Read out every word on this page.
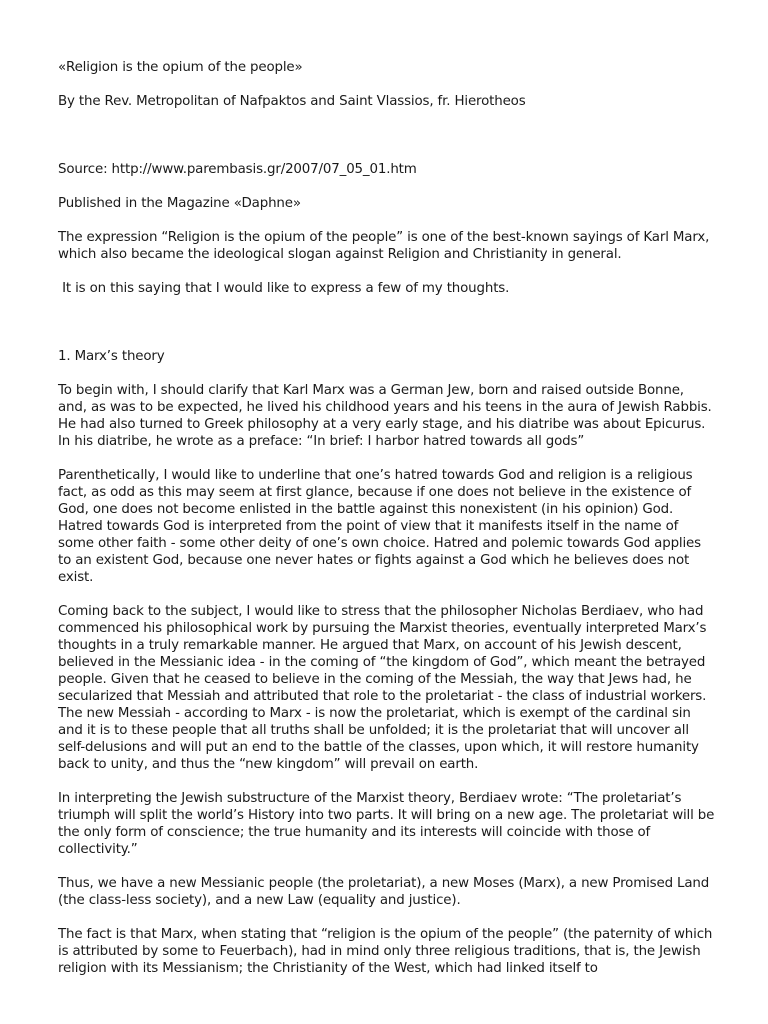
«Religion is the opium of the people»

By the Rev. Metropolitan of Nafpaktos and Saint Vlassios, fr. Hierotheos

Source: http://www.parembasis.gr/2007/07_05_01.htm

Published in the Magazine «Daphne»

The expression “Religion is the opium of the people” is one of the best-known sayings of Karl Marx, which also became the ideological slogan against Religion and Christianity in general.

It is on this saying that I would like to express a few of my thoughts.

1. Marx’s theory

To begin with, I should clarify that Karl Marx was a German Jew, born and raised outside Bonne, and, as was to be expected, he lived his childhood years and his teens in the aura of Jewish Rabbis. He had also turned to Greek philosophy at a very early stage, and his diatribe was about Epicurus. In his diatribe, he wrote as a preface: “In brief: I harbor hatred towards all gods”

Parenthetically, I would like to underline that one’s hatred towards God and religion is a religious fact, as odd as this may seem at first glance, because if one does not believe in the existence of God, one does not become enlisted in the battle against this nonexistent (in his opinion) God. Hatred towards God is interpreted from the point of view that it manifests itself in the name of some other faith - some other deity of one’s own choice. Hatred and polemic towards God applies to an existent God, because one never hates or fights against a God which he believes does not exist.

Coming back to the subject, I would like to stress that the philosopher Nicholas Berdiaev, who had commenced his philosophical work by pursuing the Marxist theories, eventually interpreted Marx’s thoughts in a truly remarkable manner. He argued that Marx, on account of his Jewish descent, believed in the Messianic idea - in the coming of “the kingdom of God”, which meant the betrayed people. Given that he ceased to believe in the coming of the Messiah, the way that Jews had, he secularized that Messiah and attributed that role to the proletariat - the class of industrial workers. The new Messiah - according to Marx - is now the proletariat, which is exempt of the cardinal sin and it is to these people that all truths shall be unfolded; it is the proletariat that will uncover all self-delusions and will put an end to the battle of the classes, upon which, it will restore humanity back to unity, and thus the “new kingdom” will prevail on earth.

In interpreting the Jewish substructure of the Marxist theory, Berdiaev wrote: “The proletariat’s triumph will split the world’s History into two parts. It will bring on a new age. The proletariat will be the only form of conscience; the true humanity and its interests will coincide with those of collectivity.”

Thus, we have a new Messianic people (the proletariat), a new Moses (Marx), a new Promised Land (the class-less society), and a new Law (equality and justice).

The fact is that Marx, when stating that “religion is the opium of the people” (the paternity of which is attributed by some to Feuerbach), had in mind only three religious traditions, that is, the Jewish religion with its Messianism; the Christianity of the West, which had linked itself to
